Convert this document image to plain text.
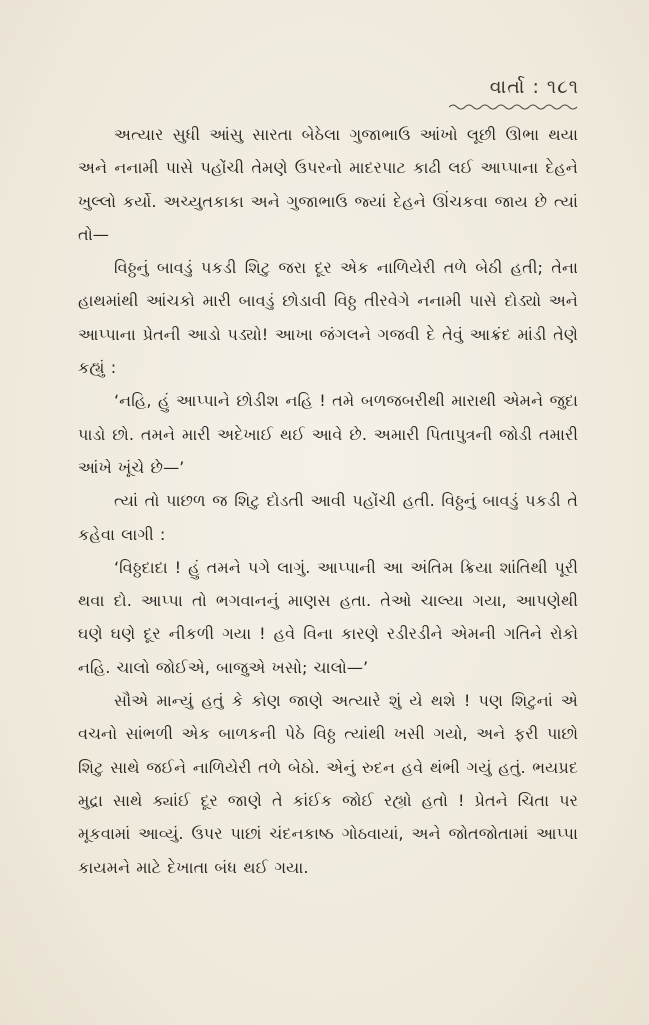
વાર્તા : ૧૮૧

અત્યાર સુધી આંસુ સારતા બેઠેલા ગુજાભાઉ આંખો લૂછી ઊભા થયા અને નનામી પાસે પહોંચી તેમણે ઉપરનો માદરપાટ કાઢી લઈ આપ્પાના દેહને ખુલ્લો કર્યો. અચ્યુતકાકા અને ગુજાભાઉ જ્યાં દેહને ઊંચકવા જાય છે ત્યાં તો—

વિઠ્ઠનું બાવડું પકડી શિટુ જરા દૂર એક નાળિયેરી તળે બેઠી હતી; તેના હાથમાંથી આંચકો મારી બાવડું છોડાવી વિઠ્ઠ તીરવેગે નનામી પાસે દોડ્યો અને આપ્પાના પ્રેતની આડો પડ્યો! આખા જંગલને ગજવી દે તેવું આક્રંદ માંડી તેણે કહ્યું :

‘નહિ, હું આપ્પાને છોડીશ નહિ ! તમે બળજબરીથી મારાથી એમને જુદા પાડો છો. તમને મારી અદેખાઈ થઈ આવે છે. અમારી પિતાપુત્રની જોડી તમારી આંખે ખૂંચે છે—’

ત્યાં તો પાછળ જ શિટુ દોડતી આવી પહોંચી હતી. વિઠ્ઠનું બાવડું પકડી તે કહેવા લાગી :

‘વિઠ્ઠદાદા ! હું તમને પગે લાગું. આપ્પાની આ અંતિમ ક્રિયા શાંતિથી પૂરી થવા દો. આપ્પા તો ભગવાનનું માણસ હતા. તેઓ ચાલ્યા ગયા, આપણેથી ઘણે ઘણે દૂર નીકળી ગયા ! હવે વિના કારણે રડીરડીને એમની ગતિને રોકો નહિ. ચાલો જોઈએ, બાજુએ ખસો; ચાલો—’

સૌએ માન્યું હતું કે કોણ જાણે અત્યારે શું યે થશે ! પણ શિટુનાં એ વચનો સાંભળી એક બાળકની પેઠે વિઠ્ઠ ત્યાંથી ખસી ગયો, અને ફરી પાછો શિટુ સાથે જઈને નાળિયેરી તળે બેઠો. એનું રુદન હવે થંભી ગયું હતું. ભયપ્રદ મુદ્રા સાથે ક્યાંઈ દૂર જાણે તે કાંઈક જોઈ રહ્યો હતો ! પ્રેતને ચિતા પર મૂકવામાં આવ્યું. ઉપર પાછાં ચંદનકાષ્ઠ ગોઠવાયાં, અને જોતજોતામાં આપ્પા કાયમને માટે દેખાતા બંધ થઈ ગયા.
